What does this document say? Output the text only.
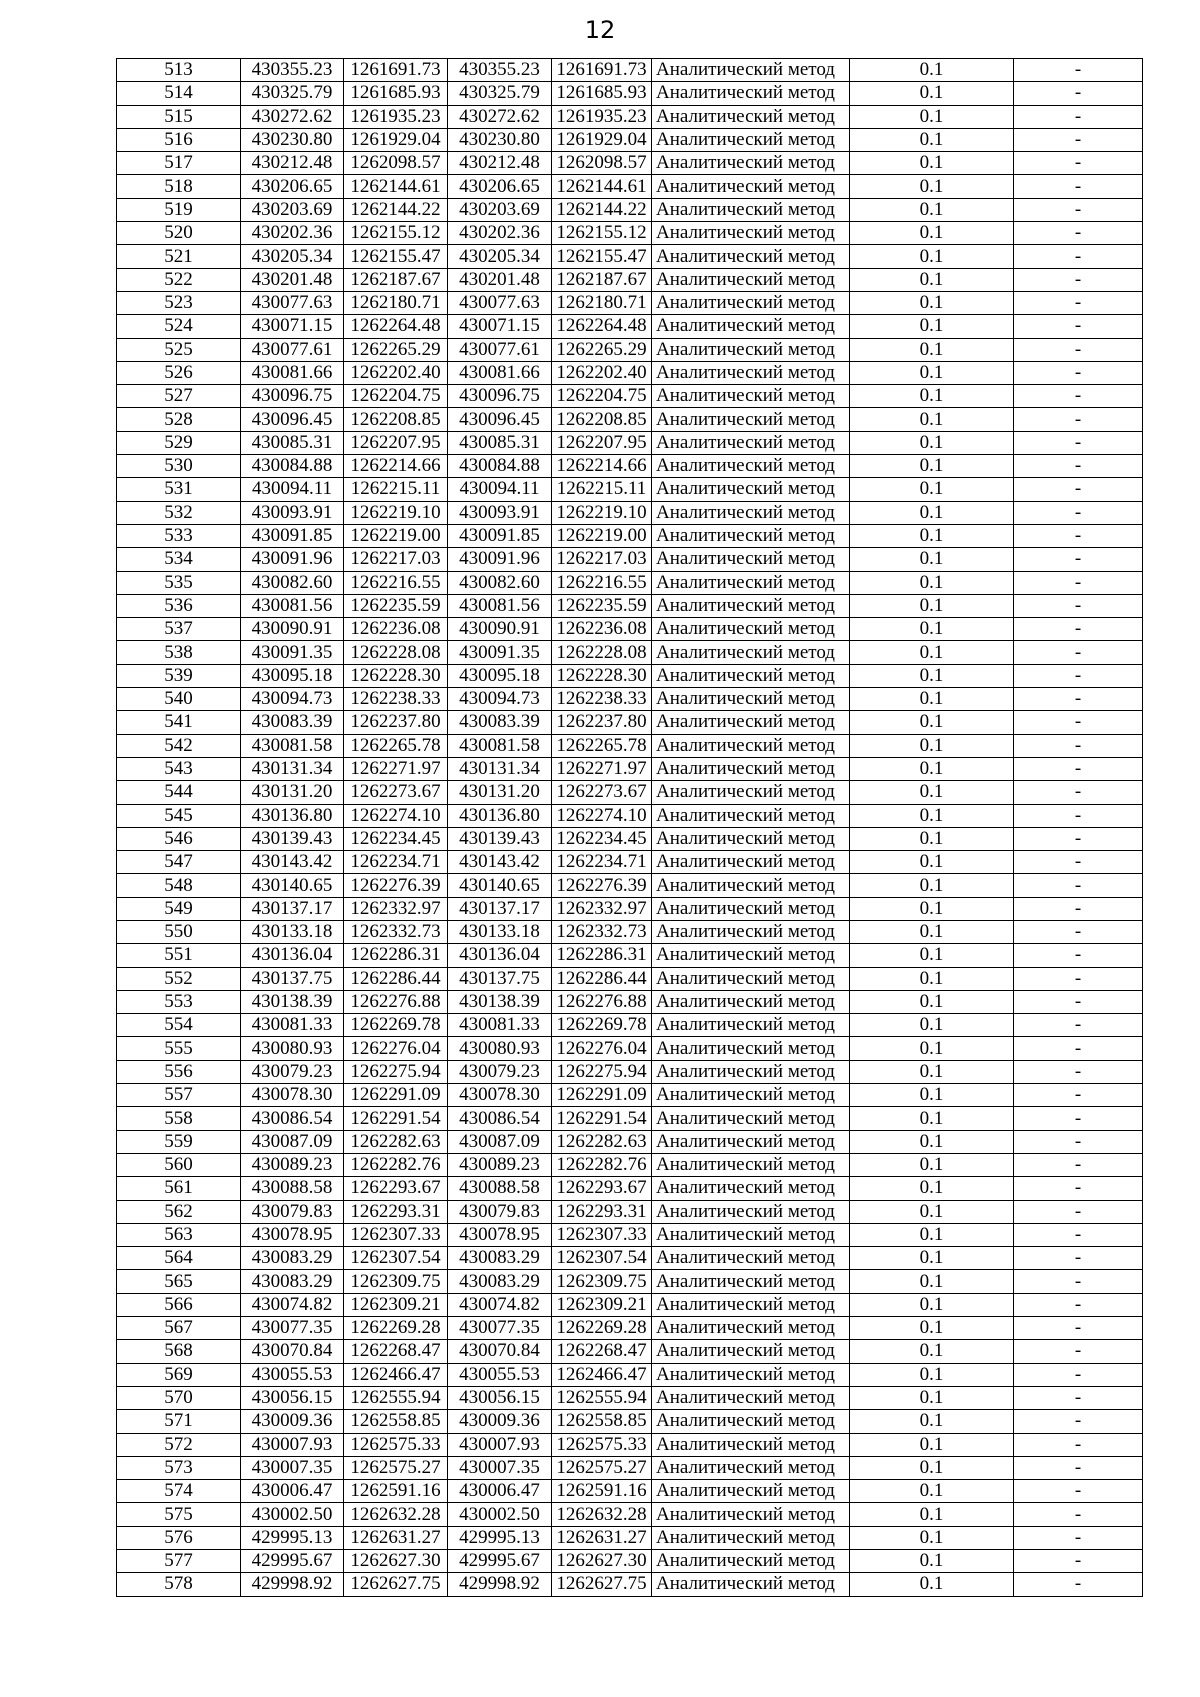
12
513	430355.23	1261691.73	430355.23	1261691.73	Аналитический метод	0.1	-
514	430325.79	1261685.93	430325.79	1261685.93	Аналитический метод	0.1	-
515	430272.62	1261935.23	430272.62	1261935.23	Аналитический метод	0.1	-
516	430230.80	1261929.04	430230.80	1261929.04	Аналитический метод	0.1	-
517	430212.48	1262098.57	430212.48	1262098.57	Аналитический метод	0.1	-
518	430206.65	1262144.61	430206.65	1262144.61	Аналитический метод	0.1	-
519	430203.69	1262144.22	430203.69	1262144.22	Аналитический метод	0.1	-
520	430202.36	1262155.12	430202.36	1262155.12	Аналитический метод	0.1	-
521	430205.34	1262155.47	430205.34	1262155.47	Аналитический метод	0.1	-
522	430201.48	1262187.67	430201.48	1262187.67	Аналитический метод	0.1	-
523	430077.63	1262180.71	430077.63	1262180.71	Аналитический метод	0.1	-
524	430071.15	1262264.48	430071.15	1262264.48	Аналитический метод	0.1	-
525	430077.61	1262265.29	430077.61	1262265.29	Аналитический метод	0.1	-
526	430081.66	1262202.40	430081.66	1262202.40	Аналитический метод	0.1	-
527	430096.75	1262204.75	430096.75	1262204.75	Аналитический метод	0.1	-
528	430096.45	1262208.85	430096.45	1262208.85	Аналитический метод	0.1	-
529	430085.31	1262207.95	430085.31	1262207.95	Аналитический метод	0.1	-
530	430084.88	1262214.66	430084.88	1262214.66	Аналитический метод	0.1	-
531	430094.11	1262215.11	430094.11	1262215.11	Аналитический метод	0.1	-
532	430093.91	1262219.10	430093.91	1262219.10	Аналитический метод	0.1	-
533	430091.85	1262219.00	430091.85	1262219.00	Аналитический метод	0.1	-
534	430091.96	1262217.03	430091.96	1262217.03	Аналитический метод	0.1	-
535	430082.60	1262216.55	430082.60	1262216.55	Аналитический метод	0.1	-
536	430081.56	1262235.59	430081.56	1262235.59	Аналитический метод	0.1	-
537	430090.91	1262236.08	430090.91	1262236.08	Аналитический метод	0.1	-
538	430091.35	1262228.08	430091.35	1262228.08	Аналитический метод	0.1	-
539	430095.18	1262228.30	430095.18	1262228.30	Аналитический метод	0.1	-
540	430094.73	1262238.33	430094.73	1262238.33	Аналитический метод	0.1	-
541	430083.39	1262237.80	430083.39	1262237.80	Аналитический метод	0.1	-
542	430081.58	1262265.78	430081.58	1262265.78	Аналитический метод	0.1	-
543	430131.34	1262271.97	430131.34	1262271.97	Аналитический метод	0.1	-
544	430131.20	1262273.67	430131.20	1262273.67	Аналитический метод	0.1	-
545	430136.80	1262274.10	430136.80	1262274.10	Аналитический метод	0.1	-
546	430139.43	1262234.45	430139.43	1262234.45	Аналитический метод	0.1	-
547	430143.42	1262234.71	430143.42	1262234.71	Аналитический метод	0.1	-
548	430140.65	1262276.39	430140.65	1262276.39	Аналитический метод	0.1	-
549	430137.17	1262332.97	430137.17	1262332.97	Аналитический метод	0.1	-
550	430133.18	1262332.73	430133.18	1262332.73	Аналитический метод	0.1	-
551	430136.04	1262286.31	430136.04	1262286.31	Аналитический метод	0.1	-
552	430137.75	1262286.44	430137.75	1262286.44	Аналитический метод	0.1	-
553	430138.39	1262276.88	430138.39	1262276.88	Аналитический метод	0.1	-
554	430081.33	1262269.78	430081.33	1262269.78	Аналитический метод	0.1	-
555	430080.93	1262276.04	430080.93	1262276.04	Аналитический метод	0.1	-
556	430079.23	1262275.94	430079.23	1262275.94	Аналитический метод	0.1	-
557	430078.30	1262291.09	430078.30	1262291.09	Аналитический метод	0.1	-
558	430086.54	1262291.54	430086.54	1262291.54	Аналитический метод	0.1	-
559	430087.09	1262282.63	430087.09	1262282.63	Аналитический метод	0.1	-
560	430089.23	1262282.76	430089.23	1262282.76	Аналитический метод	0.1	-
561	430088.58	1262293.67	430088.58	1262293.67	Аналитический метод	0.1	-
562	430079.83	1262293.31	430079.83	1262293.31	Аналитический метод	0.1	-
563	430078.95	1262307.33	430078.95	1262307.33	Аналитический метод	0.1	-
564	430083.29	1262307.54	430083.29	1262307.54	Аналитический метод	0.1	-
565	430083.29	1262309.75	430083.29	1262309.75	Аналитический метод	0.1	-
566	430074.82	1262309.21	430074.82	1262309.21	Аналитический метод	0.1	-
567	430077.35	1262269.28	430077.35	1262269.28	Аналитический метод	0.1	-
568	430070.84	1262268.47	430070.84	1262268.47	Аналитический метод	0.1	-
569	430055.53	1262466.47	430055.53	1262466.47	Аналитический метод	0.1	-
570	430056.15	1262555.94	430056.15	1262555.94	Аналитический метод	0.1	-
571	430009.36	1262558.85	430009.36	1262558.85	Аналитический метод	0.1	-
572	430007.93	1262575.33	430007.93	1262575.33	Аналитический метод	0.1	-
573	430007.35	1262575.27	430007.35	1262575.27	Аналитический метод	0.1	-
574	430006.47	1262591.16	430006.47	1262591.16	Аналитический метод	0.1	-
575	430002.50	1262632.28	430002.50	1262632.28	Аналитический метод	0.1	-
576	429995.13	1262631.27	429995.13	1262631.27	Аналитический метод	0.1	-
577	429995.67	1262627.30	429995.67	1262627.30	Аналитический метод	0.1	-
578	429998.92	1262627.75	429998.92	1262627.75	Аналитический метод	0.1	-
